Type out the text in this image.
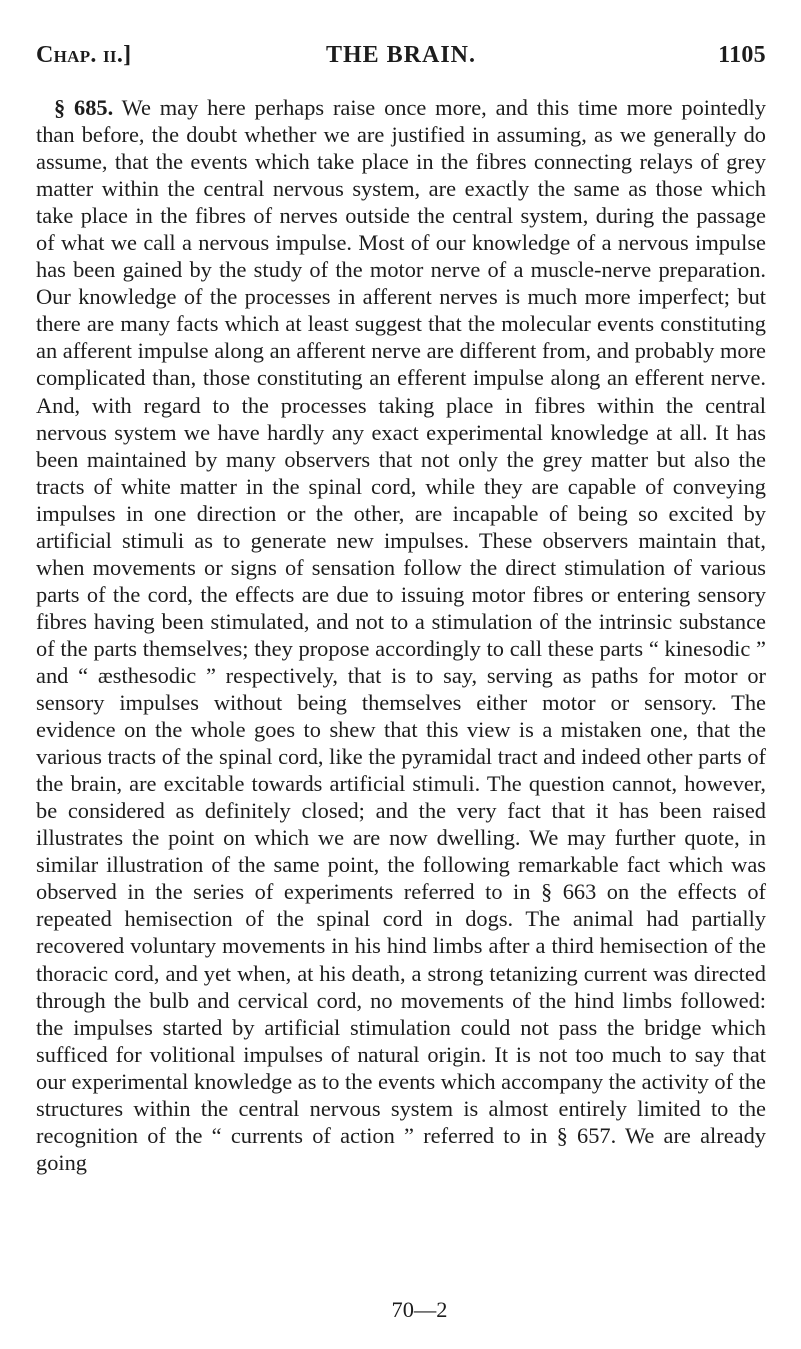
Chap. ii.]	THE BRAIN.	1105

§ 685. We may here perhaps raise once more, and this time more pointedly than before, the doubt whether we are justified in assuming, as we generally do assume, that the events which take place in the fibres connecting relays of grey matter within the central nervous system, are exactly the same as those which take place in the fibres of nerves outside the central system, during the passage of what we call a nervous impulse. Most of our knowledge of a nervous impulse has been gained by the study of the motor nerve of a muscle-nerve preparation. Our knowledge of the processes in afferent nerves is much more imperfect; but there are many facts which at least suggest that the molecular events constituting an afferent impulse along an afferent nerve are different from, and probably more complicated than, those constituting an efferent impulse along an efferent nerve. And, with regard to the processes taking place in fibres within the central nervous system we have hardly any exact experimental knowledge at all. It has been maintained by many observers that not only the grey matter but also the tracts of white matter in the spinal cord, while they are capable of conveying impulses in one direction or the other, are incapable of being so excited by artificial stimuli as to generate new impulses. These observers maintain that, when movements or signs of sensation follow the direct stimulation of various parts of the cord, the effects are due to issuing motor fibres or entering sensory fibres having been stimulated, and not to a stimulation of the intrinsic substance of the parts themselves; they propose accordingly to call these parts “ kinesodic ” and “ æsthesodic ” respectively, that is to say, serving as paths for motor or sensory impulses without being themselves either motor or sensory. The evidence on the whole goes to shew that this view is a mistaken one, that the various tracts of the spinal cord, like the pyramidal tract and indeed other parts of the brain, are excitable towards artificial stimuli. The question cannot, however, be considered as definitely closed; and the very fact that it has been raised illustrates the point on which we are now dwelling. We may further quote, in similar illustration of the same point, the following remarkable fact which was observed in the series of experiments referred to in § 663 on the effects of repeated hemisection of the spinal cord in dogs. The animal had partially recovered voluntary movements in his hind limbs after a third hemisection of the thoracic cord, and yet when, at his death, a strong tetanizing current was directed through the bulb and cervical cord, no movements of the hind limbs followed: the impulses started by artificial stimulation could not pass the bridge which sufficed for volitional impulses of natural origin. It is not too much to say that our experimental knowledge as to the events which accompany the activity of the structures within the central nervous system is almost entirely limited to the recognition of the “ currents of action ” referred to in § 657. We are already going

70—2
